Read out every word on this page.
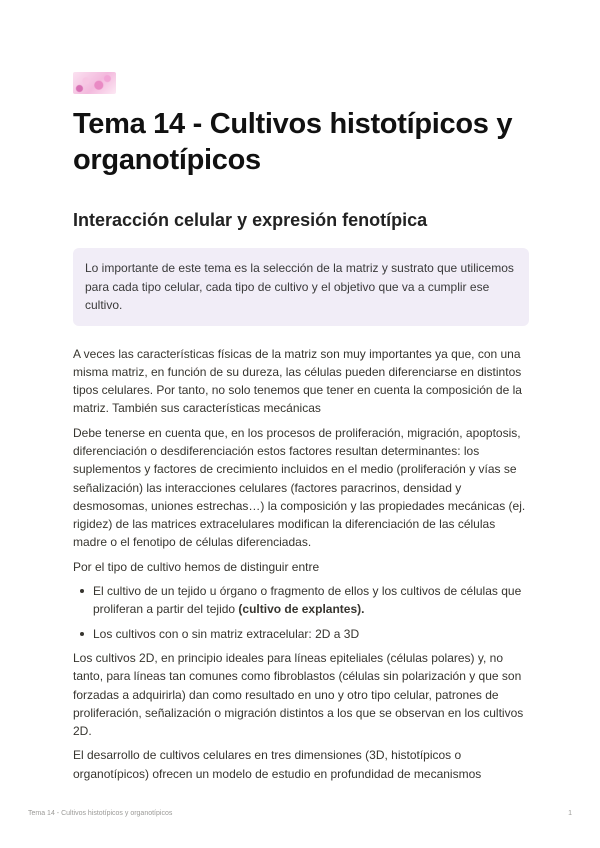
Tema 14 - Cultivos histotípicos y organotípicos
Interacción celular y expresión fenotípica
Lo importante de este tema es la selección de la matriz y sustrato que utilicemos para cada tipo celular, cada tipo de cultivo y el objetivo que va a cumplir ese cultivo.

A veces las características físicas de la matriz son muy importantes ya que, con una misma matriz, en función de su dureza, las células pueden diferenciarse en distintos tipos celulares. Por tanto, no solo tenemos que tener en cuenta la composición de la matriz. También sus características mecánicas

Debe tenerse en cuenta que, en los procesos de proliferación, migración, apoptosis, diferenciación o desdiferenciación estos factores resultan determinantes: los suplementos y factores de crecimiento incluidos en el medio (proliferación y vías se señalización) las interacciones celulares (factores paracrinos, densidad y desmosomas, uniones estrechas…) la composición y las propiedades mecánicas (ej. rigidez) de las matrices extracelulares modifican la diferenciación de las células madre o el fenotipo de células diferenciadas.

Por el tipo de cultivo hemos de distinguir entre

El cultivo de un tejido u órgano o fragmento de ellos y los cultivos de células que proliferan a partir del tejido (cultivo de explantes).
Los cultivos con o sin matriz extracelular: 2D a 3D

Los cultivos 2D, en principio ideales para líneas epiteliales (células polares) y, no tanto, para líneas tan comunes como fibroblastos (células sin polarización y que son forzadas a adquirirla) dan como resultado en uno y otro tipo celular, patrones de proliferación, señalización o migración distintos a los que se observan en los cultivos 2D.

El desarrollo de cultivos celulares en tres dimensiones (3D, histotípicos o organotípicos) ofrecen un modelo de estudio en profundidad de mecanismos

Tema 14 - Cultivos histotípicos y organotípicos	1
